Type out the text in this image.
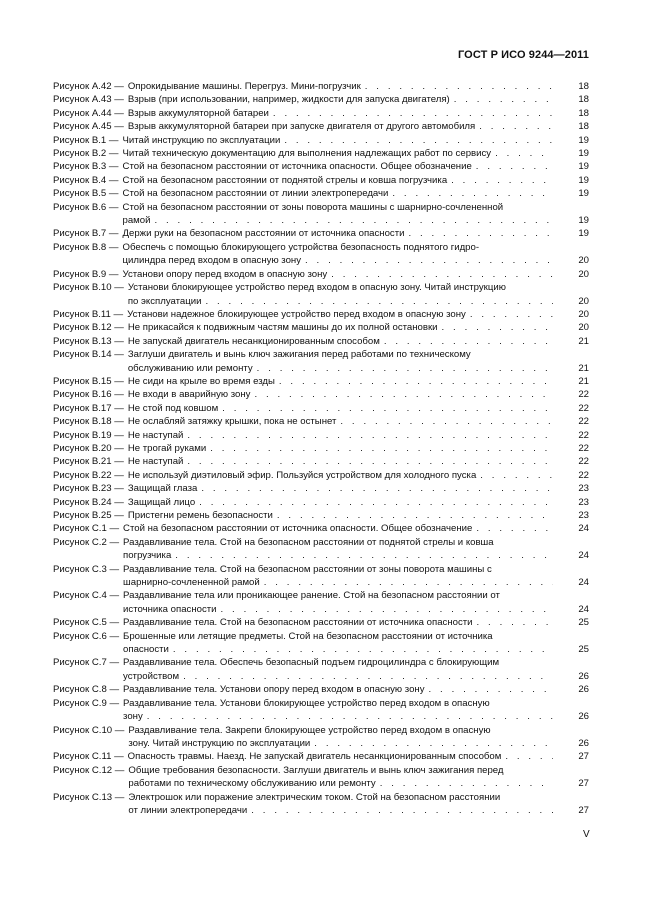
ГОСТ Р ИСО 9244—2011
Рисунок А.42 — Опрокидывание машины. Перегруз. Мини-погрузчик . . .	18
Рисунок А.43 — Взрыв (при использовании, например, жидкости для запуска двигателя) . . .	18
Рисунок А.44 — Взрыв аккумуляторной батареи . . .	18
Рисунок А.45 — Взрыв аккумуляторной батареи при запуске двигателя от другого автомобиля . . .	18
Рисунок В.1 — Читай инструкцию по эксплуатации . . .	19
Рисунок В.2 — Читай техническую документацию для выполнения надлежащих работ по сервису . . .	19
Рисунок В.3 — Стой на безопасном расстоянии от источника опасности. Общее обозначение . . .	19
Рисунок В.4 — Стой на безопасном расстоянии от поднятой стрелы и ковша погрузчика . . .	19
Рисунок В.5 — Стой на безопасном расстоянии от линии электропередачи . . .	19
Рисунок В.6 — Стой на безопасном расстоянии от зоны поворота машины с шарнирно-сочлененной
рамой . . .	19
Рисунок В.7 — Держи руки на безопасном расстоянии от источника опасности . . .	19
Рисунок В.8 — Обеспечь с помощью блокирующего устройства безопасность поднятого гидро-
цилиндра перед входом в опасную зону . . .	20
Рисунок В.9 — Установи опору перед входом в опасную зону . . .	20
Рисунок В.10 — Установи блокирующее устройство перед входом в опасную зону. Читай инструкцию
по эксплуатации . . .	20
Рисунок В.11 — Установи надежное блокирующее устройство перед входом в опасную зону . . .	20
Рисунок В.12 — Не прикасайся к подвижным частям машины до их полной остановки . . .	20
Рисунок В.13 — Не запускай двигатель несанкционированным способом . . .	21
Рисунок В.14 — Заглуши двигатель и вынь ключ зажигания перед работами по техническому
обслуживанию или ремонту . . .	21
Рисунок В.15 — Не сиди на крыле во время езды . . .	21
Рисунок В.16 — Не входи в аварийную зону . . .	22
Рисунок В.17 — Не стой под ковшом . . .	22
Рисунок В.18 — Не ослабляй затяжку крышки, пока не остынет . . .	22
Рисунок В.19 — Не наступай . . .	22
Рисунок В.20 — Не трогай руками . . .	22
Рисунок В.21 — Не наступай . . .	22
Рисунок В.22 — Не используй диэтиловый эфир. Пользуйся устройством для холодного пуска . . .	22
Рисунок В.23 — Защищай глаза . . .	23
Рисунок В.24 — Защищай лицо . . .	23
Рисунок В.25 — Пристегни ремень безопасности . . .	23
Рисунок С.1 — Стой на безопасном расстоянии от источника опасности. Общее обозначение . . .	24
Рисунок С.2 — Раздавливание тела. Стой на безопасном расстоянии от поднятой стрелы и ковша
погрузчика . . .	24
Рисунок С.3 — Раздавливание тела. Стой на безопасном расстоянии от зоны поворота машины с
шарнирно-сочлененной рамой . . .	24
Рисунок С.4 — Раздавливание тела или проникающее ранение. Стой на безопасном расстоянии от
источника опасности . . .	24
Рисунок С.5 — Раздавливание тела. Стой на безопасном расстоянии от источника опасности . . .	25
Рисунок С.6 — Брошенные или летящие предметы. Стой на безопасном расстоянии от источника
опасности . . .	25
Рисунок С.7 — Раздавливание тела. Обеспечь безопасный подъем гидроцилиндра с блокирующим
устройством . . .	26
Рисунок С.8 — Раздавливание тела. Установи опору перед входом в опасную зону . . .	26
Рисунок С.9 — Раздавливание тела. Установи блокирующее устройство перед входом в опасную
зону . . .	26
Рисунок С.10 — Раздавливание тела. Закрепи блокирующее устройство перед входом в опасную
зону. Читай инструкцию по эксплуатации . . .	26
Рисунок С.11 — Опасность травмы. Наезд. Не запускай двигатель несанкционированным способом . . .	27
Рисунок С.12 — Общие требования безопасности. Заглуши двигатель и вынь ключ зажигания перед
работами по техническому обслуживанию или ремонту . . .	27
Рисунок С.13 — Электрошок или поражение электрическим током. Стой на безопасном расстоянии
от линии электропередачи . . .	27
V
